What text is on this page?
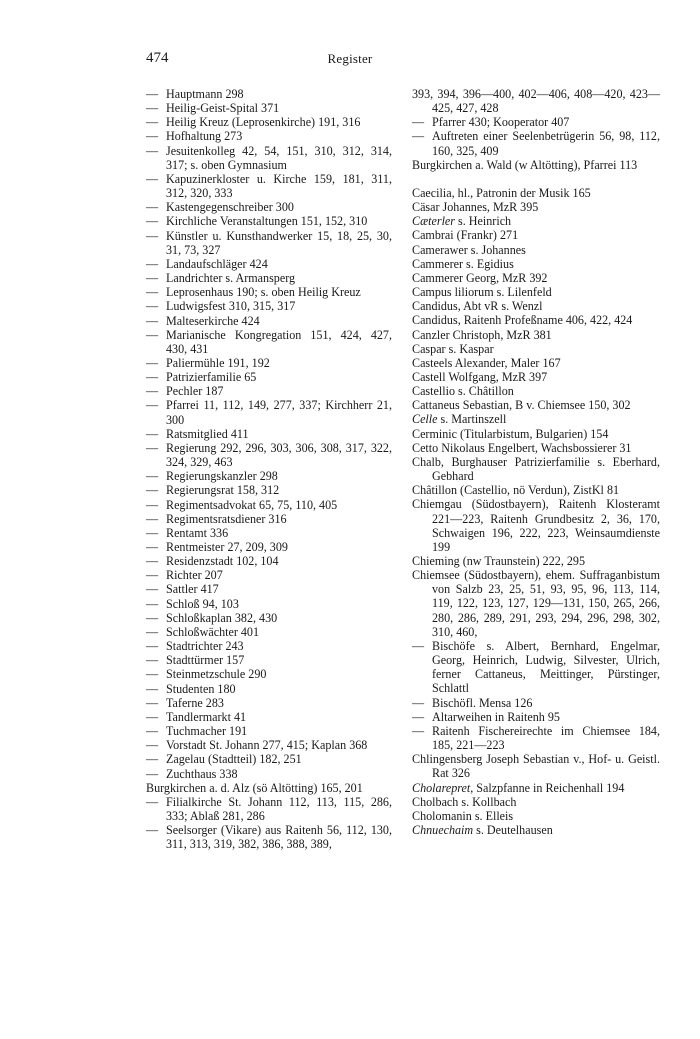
474	Register
— Hauptmann 298
— Heilig-Geist-Spital 371
— Heilig Kreuz (Leprosenkirche) 191, 316
— Hofhaltung 273
— Jesuitenkolleg 42, 54, 151, 310, 312, 314, 317; s. oben Gymnasium
— Kapuzinerkloster u. Kirche 159, 181, 311, 312, 320, 333
— Kastengegenschreiber 300
— Kirchliche Veranstaltungen 151, 152, 310
— Künstler u. Kunsthandwerker 15, 18, 25, 30, 31, 73, 327
— Landaufschläger 424
— Landrichter s. Armansperg
— Leprosenhaus 190; s. oben Heilig Kreuz
— Ludwigsfest 310, 315, 317
— Malteserkirche 424
— Marianische Kongregation 151, 424, 427, 430, 431
— Paliermühle 191, 192
— Patrizierfamilie 65
— Pechler 187
— Pfarrei 11, 112, 149, 277, 337; Kirchherr 21, 300
— Ratsmitglied 411
— Regierung 292, 296, 303, 306, 308, 317, 322, 324, 329, 463
— Regierungskanzler 298
— Regierungsrat 158, 312
— Regimentsadvokat 65, 75, 110, 405
— Regimentsratsdiener 316
— Rentamt 336
— Rentmeister 27, 209, 309
— Residenzstadt 102, 104
— Richter 207
— Sattler 417
— Schloß 94, 103
— Schloßkaplan 382, 430
— Schloßwächter 401
— Stadtrichter 243
— Stadttürmer 157
— Steinmetzschule 290
— Studenten 180
— Taferne 283
— Tandlermarkt 41
— Tuchmacher 191
— Vorstadt St. Johann 277, 415; Kaplan 368
— Zagelau (Stadtteil) 182, 251
— Zuchthaus 338
Burgkirchen a. d. Alz (sö Altötting) 165, 201
— Filialkirche St. Johann 112, 113, 115, 286, 333; Ablaß 281, 286
— Seelsorger (Vikare) aus Raitenh 56, 112, 130, 311, 313, 319, 382, 386, 388, 389,
393, 394, 396—400, 402—406, 408—420, 423—425, 427, 428
— Pfarrer 430; Kooperator 407
— Auftreten einer Seelenbetrügerin 56, 98, 112, 160, 325, 409
Burgkirchen a. Wald (w Altötting), Pfarrei 113
Caecilia, hl., Patronin der Musik 165
Cäsar Johannes, MzR 395
Cæterler s. Heinrich
Cambrai (Frankr) 271
Camerawer s. Johannes
Cammerer s. Egidius
Cammerer Georg, MzR 392
Campus liliorum s. Lilenfeld
Candidus, Abt vR s. Wenzl
Candidus, Raitenh Profeßname 406, 422, 424
Canzler Christoph, MzR 381
Caspar s. Kaspar
Casteels Alexander, Maler 167
Castell Wolfgang, MzR 397
Castellio s. Châtillon
Cattaneus Sebastian, B v. Chiemsee 150, 302
Celle s. Martinszell
Cerminic (Titularbistum, Bulgarien) 154
Cetto Nikolaus Engelbert, Wachsbossierer 31
Chalb, Burghauser Patrizierfamilie s. Eberhard, Gebhard
Châtillon (Castellio, nö Verdun), ZistKl 81
Chiemgau (Südostbayern), Raitenh Klosteramt 221—223, Raitenh Grundbesitz 2, 36, 170, Schwaigen 196, 222, 223, Weinsaumdienste 199
Chieming (nw Traunstein) 222, 295
Chiemsee (Südostbayern), ehem. Suffraganbistum von Salzb 23, 25, 51, 93, 95, 96, 113, 114, 119, 122, 123, 127, 129—131, 150, 265, 266, 280, 286, 289, 291, 293, 294, 296, 298, 302, 310, 460,
— Bischöfe s. Albert, Bernhard, Engelmar, Georg, Heinrich, Ludwig, Silvester, Ulrich, ferner Cattaneus, Meittinger, Pürstinger, Schlattl
— Bischöfl. Mensa 126
— Altarweihen in Raitenh 95
— Raitenh Fischereirechte im Chiemsee 184, 185, 221—223
Chlingensberg Joseph Sebastian v., Hof- u. Geistl. Rat 326
Cholarepret, Salzpfanne in Reichenhall 194
Cholbach s. Kollbach
Cholomanin s. Elleis
Chnuechaim s. Deutelhausen
